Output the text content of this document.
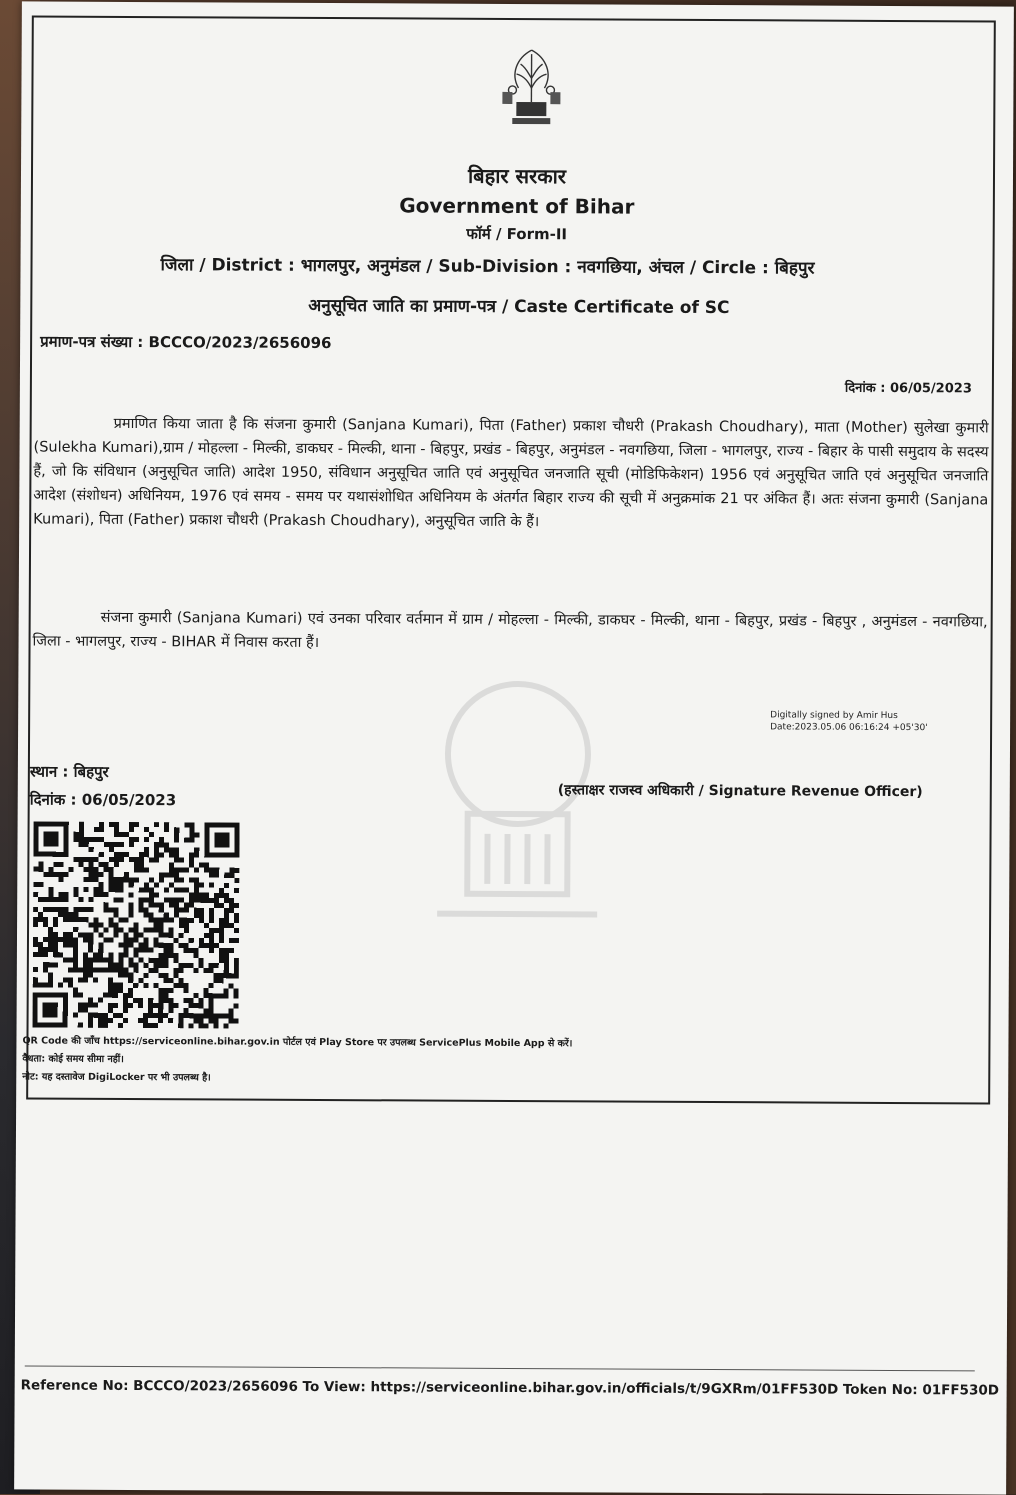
बिहार सरकार
Government of Bihar
फॉर्म / Form-II
जिला / District : भागलपुर, अनुमंडल / Sub-Division : नवगछिया, अंचल / Circle : बिहपुर
अनुसूचित जाति का प्रमाण-पत्र / Caste Certificate of SC
प्रमाण-पत्र संख्या : BCCCO/2023/2656096
दिनांक : 06/05/2023
प्रमाणित किया जाता है कि संजना कुमारी (Sanjana Kumari), पिता (Father) प्रकाश चौधरी (Prakash Choudhary), माता (Mother) सुलेखा कुमारी (Sulekha Kumari),ग्राम / मोहल्ला - मिल्की, डाकघर - मिल्की, थाना - बिहपुर, प्रखंड - बिहपुर, अनुमंडल - नवगछिया, जिला - भागलपुर, राज्य - बिहार के पासी समुदाय के सदस्य हैं, जो कि संविधान (अनुसूचित जाति) आदेश 1950, संविधान अनुसूचित जाति एवं अनुसूचित जनजाति सूची (मोडिफिकेशन) 1956 एवं अनुसूचित जाति एवं अनुसूचित जनजाति आदेश (संशोधन) अधिनियम, 1976 एवं समय - समय पर यथासंशोधित अधिनियम के अंतर्गत बिहार राज्य की सूची में अनुक्रमांक 21 पर अंकित हैं। अतः संजना कुमारी (Sanjana Kumari), पिता (Father) प्रकाश चौधरी (Prakash Choudhary), अनुसूचित जाति के हैं।
संजना कुमारी (Sanjana Kumari) एवं उनका परिवार वर्तमान में ग्राम / मोहल्ला - मिल्की, डाकघर - मिल्की, थाना - बिहपुर, प्रखंड - बिहपुर , अनुमंडल - नवगछिया, जिला - भागलपुर, राज्य - BIHAR में निवास करता हैं।
Digitally signed by Amir Hus
Date:2023.05.06 06:16:24 +05'30'
स्थान : बिहपुर
दिनांक : 06/05/2023	(हस्ताक्षर राजस्व अधिकारी / Signature Revenue Officer)
QR Code की जाँच https://serviceonline.bihar.gov.in पोर्टल एवं Play Store पर उपलब्ध ServicePlus Mobile App से करें।
वैधता: कोई समय सीमा नहीं।
नोट: यह दस्तावेज DigiLocker पर भी उपलब्ध है।
Reference No: BCCCO/2023/2656096 To View: https://serviceonline.bihar.gov.in/officials/t/9GXRm/01FF530D Token No: 01FF530D
